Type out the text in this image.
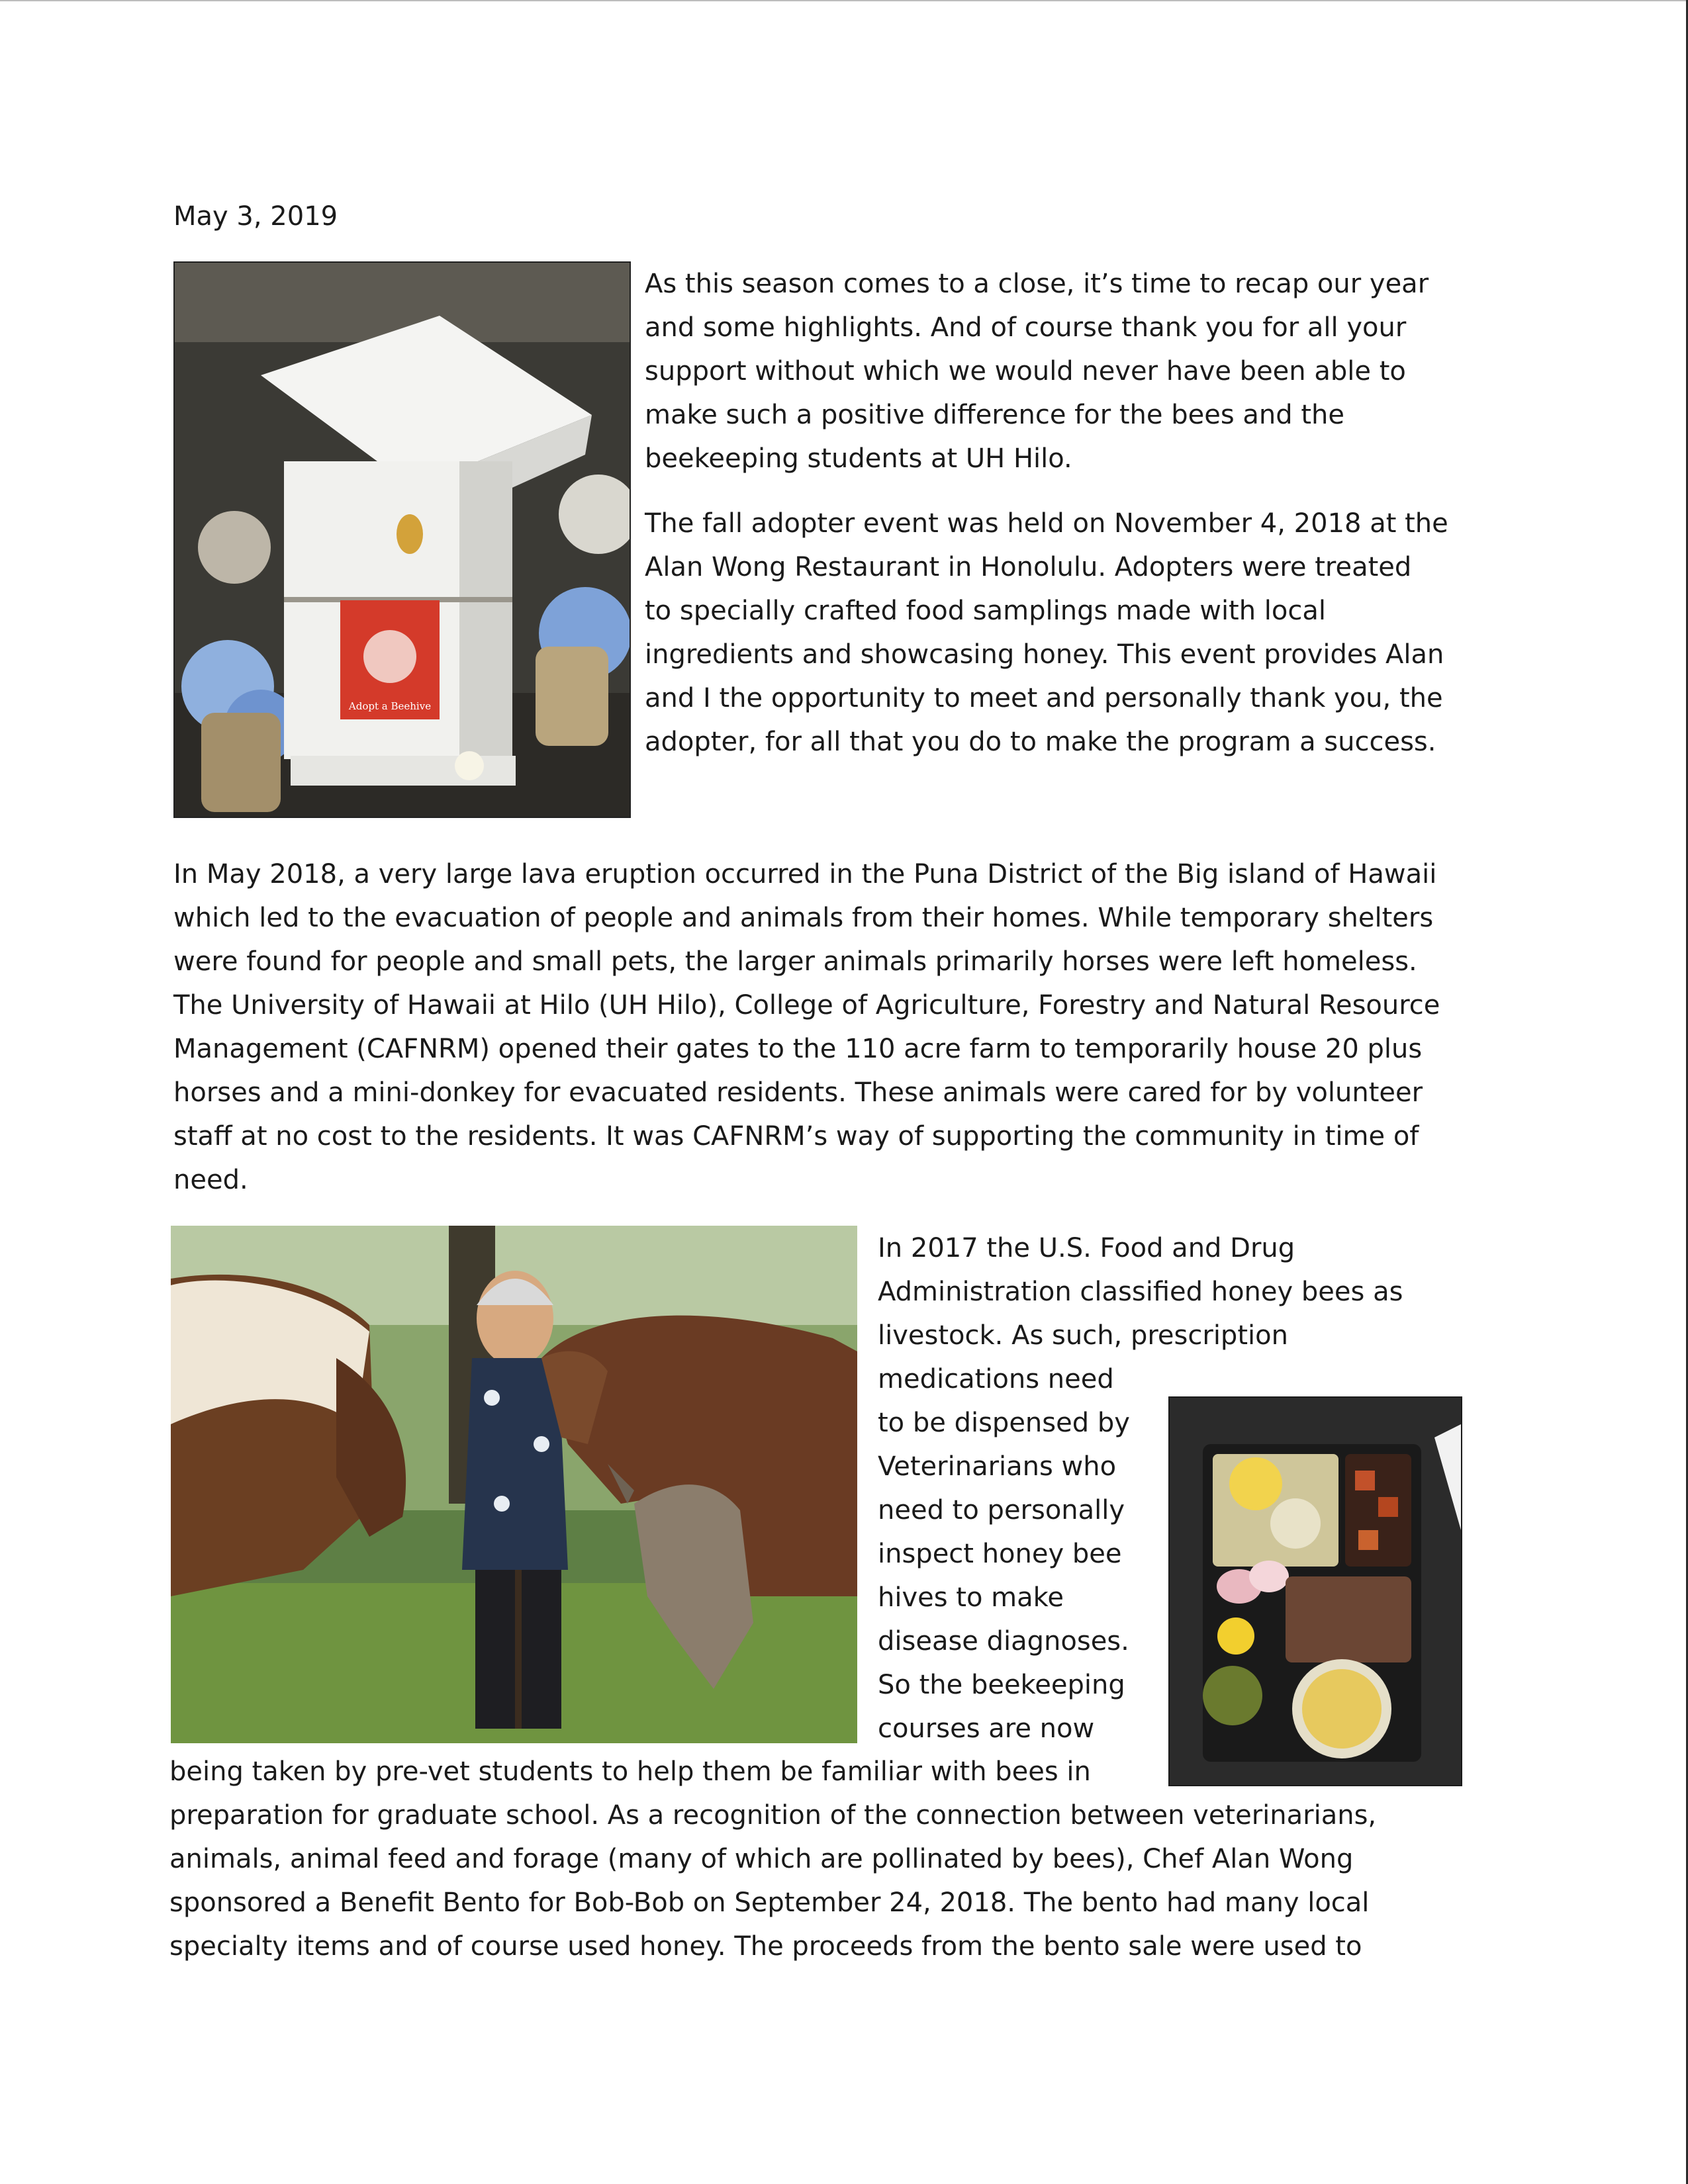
May 3, 2019
Adopt a Beehive
As this season comes to a close, it’s time to recap our year
and some highlights. And of course thank you for all your
support without which we would never have been able to
make such a positive difference for the bees and the
beekeeping students at UH Hilo.
The fall adopter event was held on November 4, 2018 at the
Alan Wong Restaurant in Honolulu. Adopters were treated
to specially crafted food samplings made with local
ingredients and showcasing honey. This event provides Alan
and I the opportunity to meet and personally thank you, the
adopter, for all that you do to make the program a success.
In May 2018, a very large lava eruption occurred in the Puna District of the Big island of Hawaii
which led to the evacuation of people and animals from their homes. While temporary shelters
were found for people and small pets, the larger animals primarily horses were left homeless.
The University of Hawaii at Hilo (UH Hilo), College of Agriculture, Forestry and Natural Resource
Management (CAFNRM) opened their gates to the 110 acre farm to temporarily house 20 plus
horses and a mini-donkey for evacuated residents. These animals were cared for by volunteer
staff at no cost to the residents. It was CAFNRM’s way of supporting the community in time of
need.
In 2017 the U.S. Food and Drug
Administration classified honey bees as
livestock. As such, prescription
medications need
to be dispensed by
Veterinarians who
need to personally
inspect honey bee
hives to make
disease diagnoses.
So the beekeeping
courses are now
being taken by pre-vet students to help them be familiar with bees in
preparation for graduate school. As a recognition of the connection between veterinarians,
animals, animal feed and forage (many of which are pollinated by bees), Chef Alan Wong
sponsored a Benefit Bento for Bob-Bob on September 24, 2018. The bento had many local
specialty items and of course used honey. The proceeds from the bento sale were used to
